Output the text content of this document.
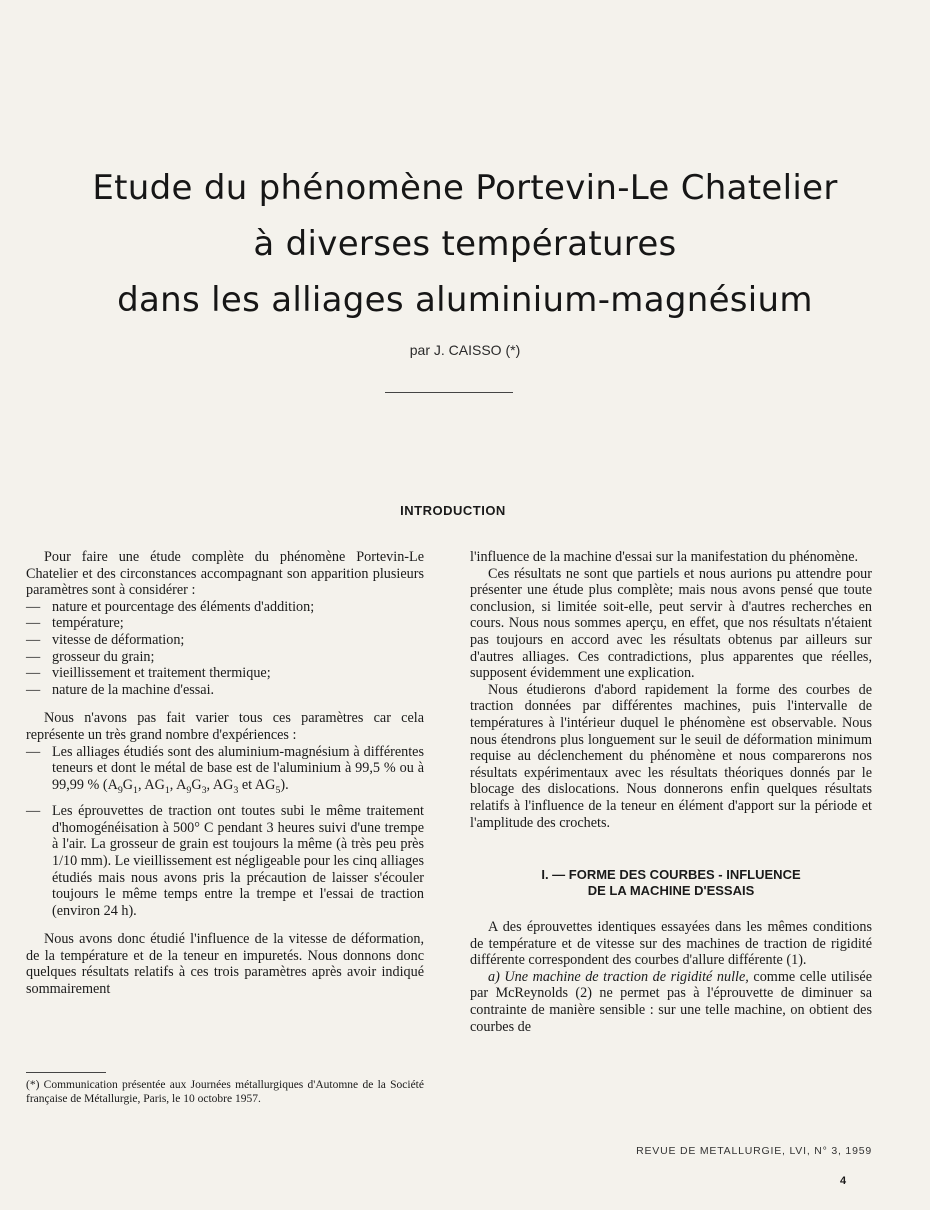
Etude du phénomène Portevin-Le Chatelier
à diverses températures
dans les alliages aluminium-magnésium
par J. CAISSO (*)
INTRODUCTION

Pour faire une étude complète du phénomène Portevin-Le Chatelier et des circonstances accompagnant son apparition plusieurs paramètres sont à considérer :

— nature et pourcentage des éléments d'addition;
— température;
— vitesse de déformation;
— grosseur du grain;
— vieillissement et traitement thermique;
— nature de la machine d'essai.

Nous n'avons pas fait varier tous ces paramètres car cela représente un très grand nombre d'expériences :

— Les alliages étudiés sont des aluminium-magnésium à différentes teneurs et dont le métal de base est de l'aluminium à 99,5 % ou à 99,99 % ($A_9G_1$, $AG_1$, $A_9G_3$, $AG_3$ et $AG_5$).
— Les éprouvettes de traction ont toutes subi le même traitement d'homogénéisation à 500° C pendant 3 heures suivi d'une trempe à l'air. La grosseur de grain est toujours la même (à très peu près 1/10 mm). Le vieillissement est négligeable pour les cinq alliages étudiés mais nous avons pris la précaution de laisser s'écouler toujours le même temps entre la trempe et l'essai de traction (environ 24 h).

Nous avons donc étudié l'influence de la vitesse de déformation, de la température et de la teneur en impuretés. Nous donnons donc quelques résultats relatifs à ces trois paramètres après avoir indiqué sommairement

l'influence de la machine d'essai sur la manifestation du phénomène.

Ces résultats ne sont que partiels et nous aurions pu attendre pour présenter une étude plus complète; mais nous avons pensé que toute conclusion, si limitée soit-elle, peut servir à d'autres recherches en cours. Nous nous sommes aperçu, en effet, que nos résultats n'étaient pas toujours en accord avec les résultats obtenus par ailleurs sur d'autres alliages. Ces contradictions, plus apparentes que réelles, supposent évidemment une explication.

Nous étudierons d'abord rapidement la forme des courbes de traction données par différentes machines, puis l'intervalle de températures à l'intérieur duquel le phénomène est observable. Nous nous étendrons plus longuement sur le seuil de déformation minimum requise au déclenchement du phénomène et nous comparerons nos résultats expérimentaux avec les résultats théoriques donnés par le blocage des dislocations. Nous donnerons enfin quelques résultats relatifs à l'influence de la teneur en élément d'apport sur la période et l'amplitude des crochets.

I. — FORME DES COURBES - INFLUENCE
DE LA MACHINE D'ESSAIS

A des éprouvettes identiques essayées dans les mêmes conditions de température et de vitesse sur des machines de traction de rigidité différente correspondent des courbes d'allure différente (1).

a) Une machine de traction de rigidité nulle, comme celle utilisée par McReynolds (2) ne permet pas à l'éprouvette de diminuer sa contrainte de manière sensible : sur une telle machine, on obtient des courbes de

(*) Communication présentée aux Journées métallurgiques d'Automne de la Société française de Métallurgie, Paris, le 10 octobre 1957.
REVUE DE METALLURGIE, LVI, N° 3, 1959
4
